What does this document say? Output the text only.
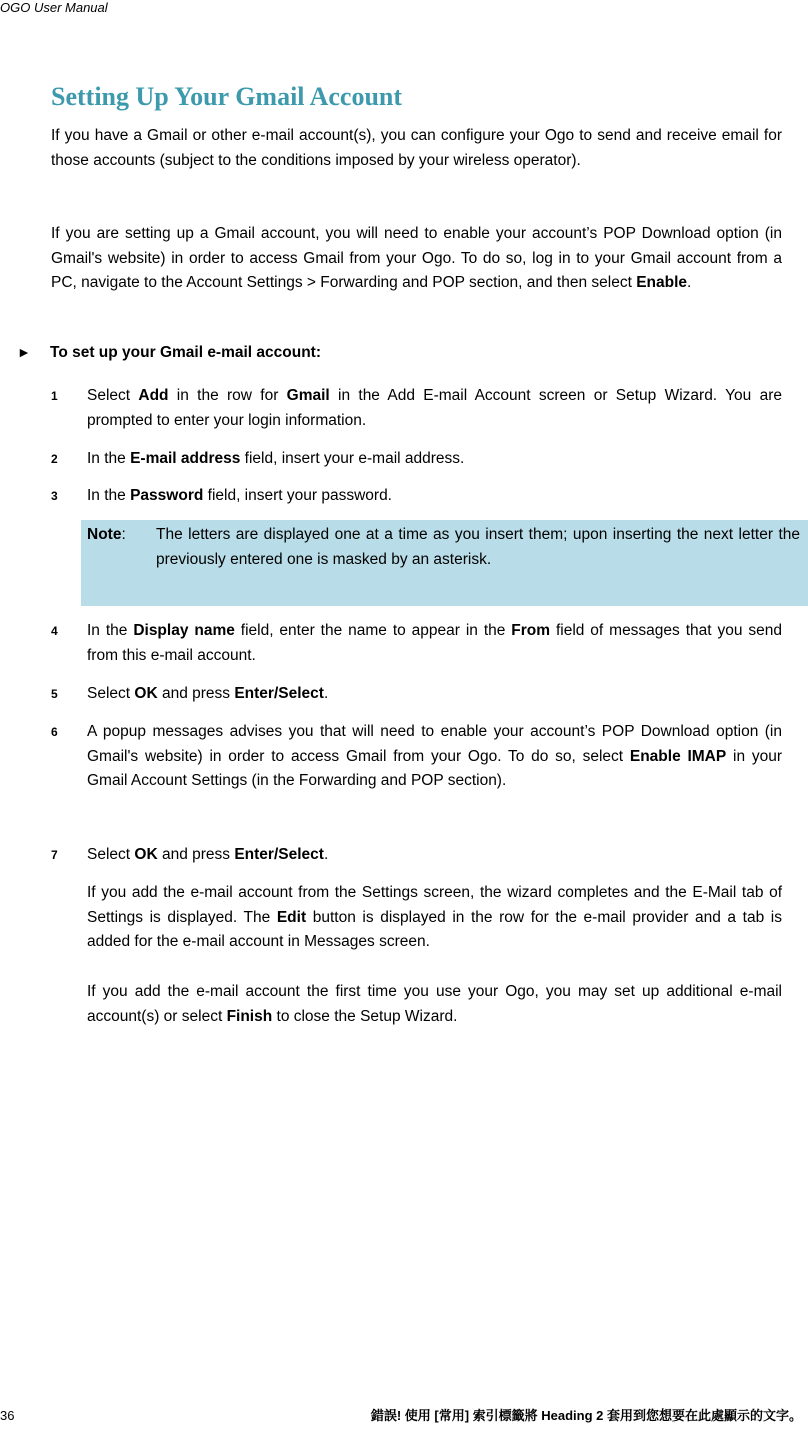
OGO User Manual
Setting Up Your Gmail Account

If you have a Gmail or other e-mail account(s), you can configure your Ogo to send and receive email for those accounts (subject to the conditions imposed by your wireless operator).

If you are setting up a Gmail account, you will need to enable your account’s POP Download option (in Gmail's website) in order to access Gmail from your Ogo. To do so, log in to your Gmail account from a PC, navigate to the Account Settings > Forwarding and POP section, and then select Enable.

► To set up your Gmail e-mail account:
1 Select Add in the row for Gmail in the Add E-mail Account screen or Setup Wizard. You are prompted to enter your login information.

2 In the E-mail address field, insert your e-mail address.

3 In the Password field, insert your password.

Note: The letters are displayed one at a time as you insert them; upon inserting the next letter the previously entered one is masked by an asterisk.

4 In the Display name field, enter the name to appear in the From field of messages that you send from this e-mail account.

5 Select OK and press Enter/Select.

6 A popup messages advises you that will need to enable your account’s POP Download option (in Gmail's website) in order to access Gmail from your Ogo. To do so, select Enable IMAP in your Gmail Account Settings (in the Forwarding and POP section).

7 Select OK and press Enter/Select.

If you add the e-mail account from the Settings screen, the wizard completes and the E-Mail tab of Settings is displayed. The Edit button is displayed in the row for the e-mail provider and a tab is added for the e-mail account in Messages screen.

If you add the e-mail account the first time you use your Ogo, you may set up additional e-mail account(s) or select Finish to close the Setup Wizard.

36	錯誤! 使用 [常用] 索引標籤將 Heading 2 套用到您想要在此處顯示的文字。
